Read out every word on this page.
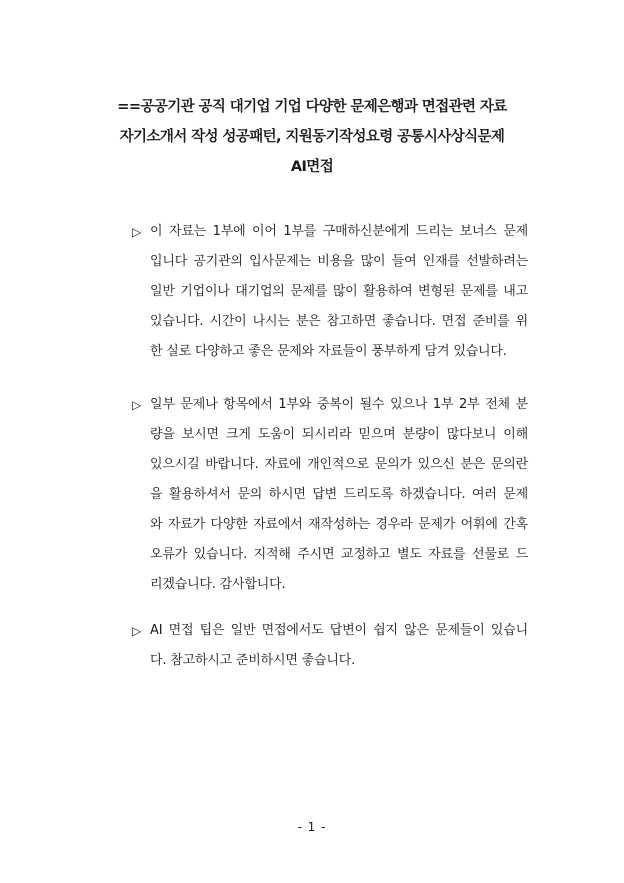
==공공기관 공직 대기업 기업 다양한 문제은행과 면접관련 자료
자기소개서 작성 성공패턴, 지원동기작성요령 공통시사상식문제
AI면접
▷ 이 자료는 1부에 이어 1부를 구매하신분에게 드리는 보너스 문제
입니다 공기관의 입사문제는 비용을 많이 들여 인재를 선발하려는
일반 기업이나 대기업의 문제를 많이 활용하여 변형된 문제를 내고
있습니다. 시간이 나시는 분은 참고하면 좋습니다. 면접 준비를 위
한 실로 다양하고 좋은 문제와 자료들이 풍부하게 담겨 있습니다.
▷ 일부 문제나 항목에서 1부와 중복이 될수 있으나 1부 2부 전체 분
량을 보시면 크게 도움이 되시리라 믿으며 분량이 많다보니 이해
있으시길 바랍니다. 자료에 개인적으로 문의가 있으신 분은 문의란
을 활용하셔서 문의 하시면 답변 드리도록 하겠습니다. 여러 문제
와 자료가 다양한 자료에서 재작성하는 경우라 문제가 어휘에 간혹
오류가 있습니다. 지적해 주시면 교정하고 별도 자료를 선물로 드
리겠습니다. 감사합니다.
▷ AI 면접 팁은 일반 면접에서도 답변이 쉽지 않은 문제들이 있습니
다. 참고하시고 준비하시면 좋습니다.
- 1 -
